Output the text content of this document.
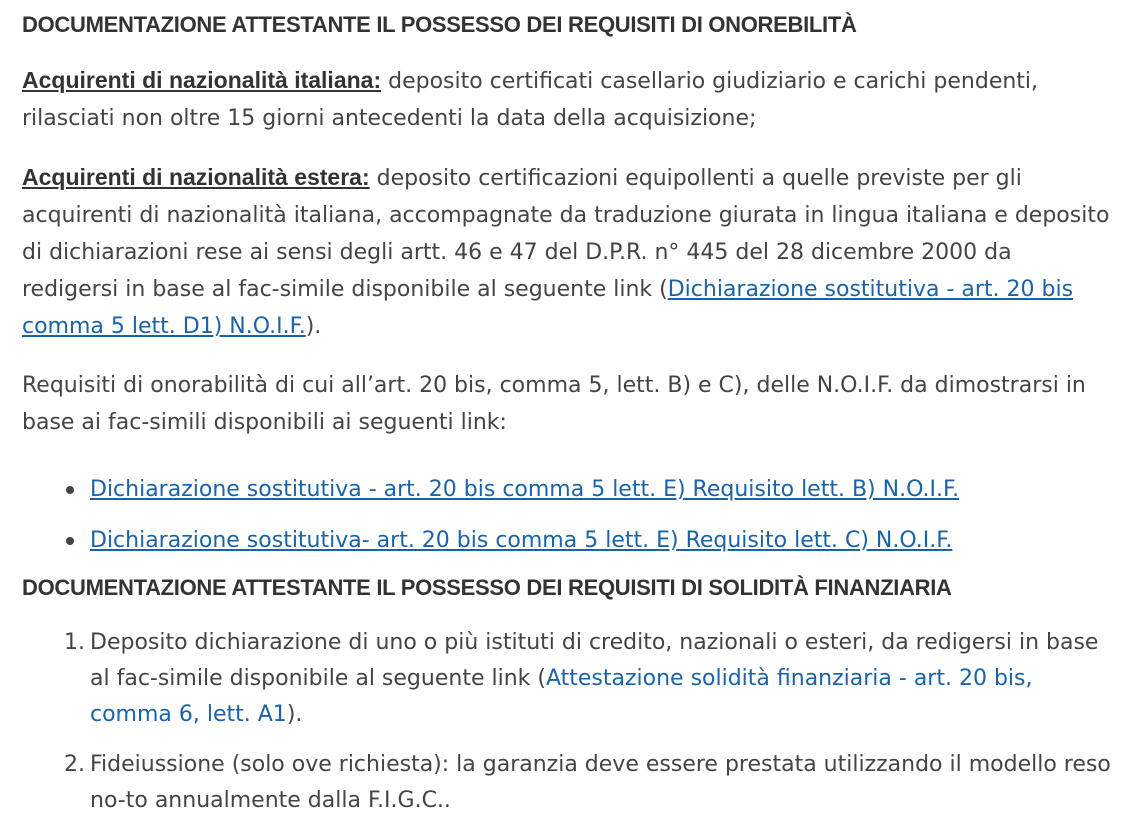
DOCUMENTAZIONE ATTESTANTE IL POSSESSO DEI REQUISITI DI ONOREBILITÀ

Acquirenti di nazionalità italiana: deposito certificati casellario giudiziario e carichi pendenti, rilasciati non oltre 15 giorni antecedenti la data della acquisizione;

Acquirenti di nazionalità estera: deposito certificazioni equipollenti a quelle previste per gli acquirenti di nazionalità italiana, accompagnate da traduzione giurata in lingua italiana e deposito di dichiarazioni rese ai sensi degli artt. 46 e 47 del D.P.R. n° 445 del 28 dicembre 2000 da redigersi in base al fac-simile disponibile al seguente link (Dichiarazione sostitutiva - art. 20 bis comma 5 lett. D1) N.O.I.F.).

Requisiti di onorabilità di cui all’art. 20 bis, comma 5, lett. B) e C), delle N.O.I.F. da dimostrarsi in base ai fac-simili disponibili ai seguenti link:

Dichiarazione sostitutiva - art. 20 bis comma 5 lett. E) Requisito lett. B) N.O.I.F.
Dichiarazione sostitutiva- art. 20 bis comma 5 lett. E) Requisito lett. C) N.O.I.F.
DOCUMENTAZIONE ATTESTANTE IL POSSESSO DEI REQUISITI DI SOLIDITÀ FINANZIARIA
1. Deposito dichiarazione di uno o più istituti di credito, nazionali o esteri, da redigersi in base al fac-simile disponibile al seguente link (Attestazione solidità finanziaria - art. 20 bis, comma 6, lett. A1).
2. Fideiussione (solo ove richiesta): la garanzia deve essere prestata utilizzando il modello reso no-to annualmente dalla F.I.G.C..
